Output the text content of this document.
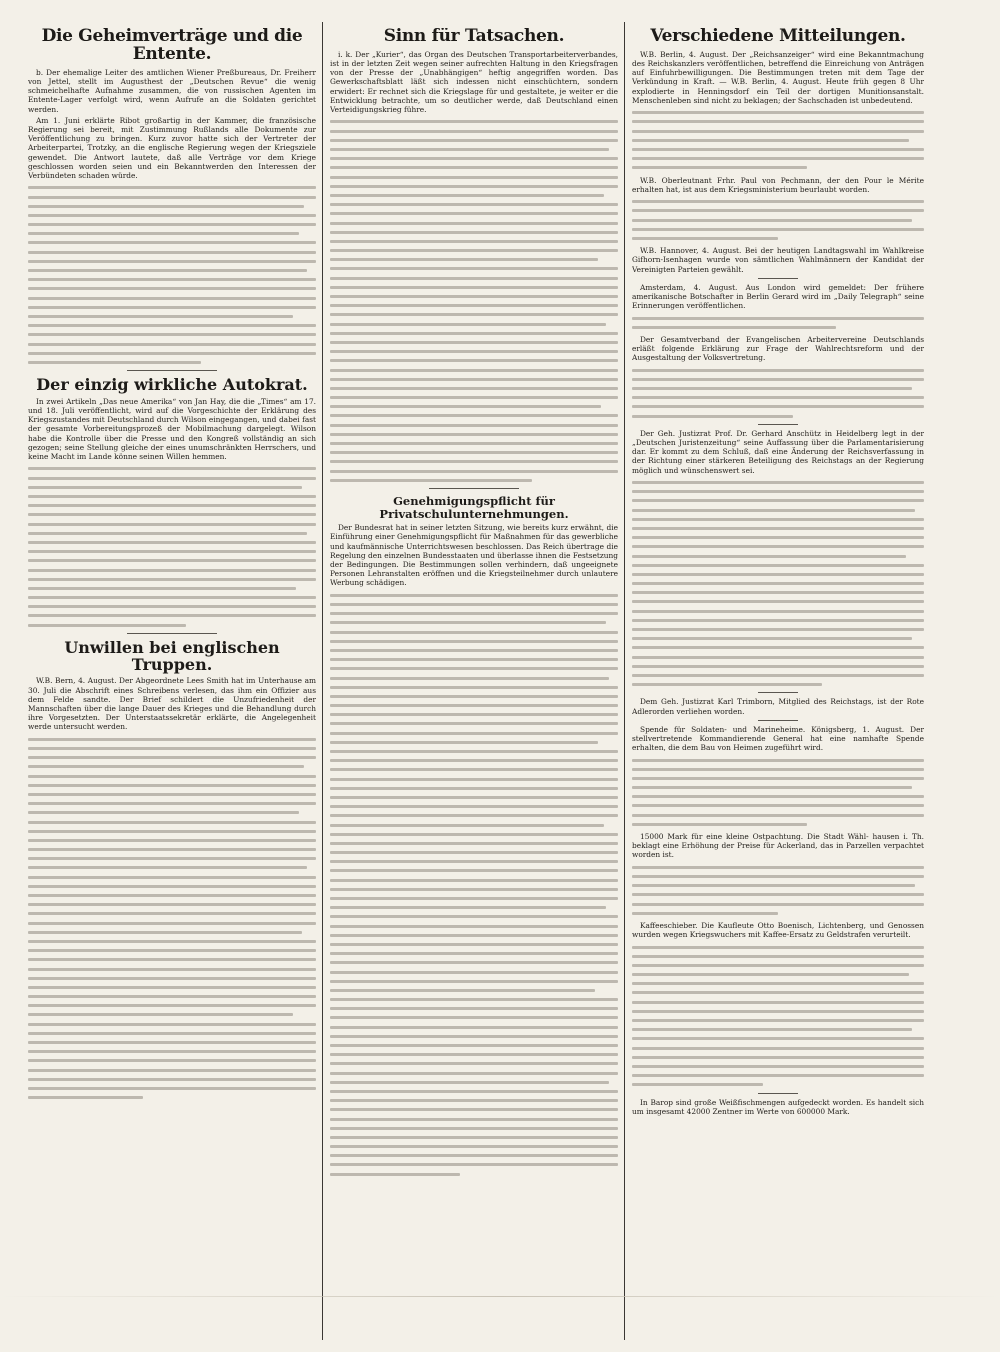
Die Geheimverträge und die Entente.

b. Der ehemalige Leiter des amtlichen Wiener Preßbureaus, Dr. Freiherr von Jettel, stellt im Augusthest der „Deutschen Revue“ die wenig schmeichelhafte Aufnahme zusammen, die von russischen Agenten im Entente-Lager verfolgt wird, wenn Aufrufe an die Soldaten gerichtet werden.

Am 1. Juni erklärte Ribot großartig in der Kammer, die französische Regierung sei bereit, mit Zustimmung Rußlands alle Dokumente zur Veröffentlichung zu bringen. Kurz zuvor hatte sich der Vertreter der Arbeiterpartei, Trotzky, an die englische Regierung wegen der Kriegsziele gewendet. Die Antwort lautete, daß alle Verträge vor dem Kriege geschlossen worden seien und ein Bekanntwerden den Interessen der Verbündeten schaden würde.

Der einzig wirkliche Autokrat.

In zwei Artikeln „Das neue Amerika“ von Jan Hay, die die „Times“ am 17. und 18. Juli veröffentlicht, wird auf die Vorgeschichte der Erklärung des Kriegszustandes mit Deutschland durch Wilson eingegangen, und dabei fast der gesamte Vorbereitungsprozeß der Mobilmachung dargelegt. Wilson habe die Kontrolle über die Presse und den Kongreß vollständig an sich gezogen; seine Stellung gleiche der eines unumschränkten Herrschers, und keine Macht im Lande könne seinen Willen hemmen.

Unwillen bei englischen Truppen.

W.B. Bern, 4. August. Der Abgeordnete Lees Smith hat im Unterhause am 30. Juli die Abschrift eines Schreibens verlesen, das ihm ein Offizier aus dem Felde sandte. Der Brief schildert die Unzufriedenheit der Mannschaften über die lange Dauer des Krieges und die Behandlung durch ihre Vorgesetzten. Der Unterstaatssekretär erklärte, die Angelegenheit werde untersucht werden.

Sinn für Tatsachen.

i. k. Der „Kurier“, das Organ des Deutschen Transportarbeiterverbandes, ist in der letzten Zeit wegen seiner aufrechten Haltung in den Kriegsfragen von der Presse der „Unabhängigen“ heftig angegriffen worden. Das Gewerkschaftsblatt läßt sich indessen nicht einschüchtern, sondern erwidert: Er rechnet sich die Kriegslage für und gestaltete, je weiter er die Entwicklung betrachte, um so deutlicher werde, daß Deutschland einen Verteidigungskrieg führe.

Genehmigungspflicht für Privatschulunternehmungen.

Der Bundesrat hat in seiner letzten Sitzung, wie bereits kurz erwähnt, die Einführung einer Genehmigungspflicht für Maßnahmen für das gewerbliche und kaufmännische Unterrichtswesen beschlossen. Das Reich übertrage die Regelung den einzelnen Bundesstaaten und überlasse ihnen die Festsetzung der Bedingungen. Die Bestimmungen sollen verhindern, daß ungeeignete Personen Lehranstalten eröffnen und die Kriegsteilnehmer durch unlautere Werbung schädigen.

Verschiedene Mitteilungen.

W.B. Berlin, 4. August. Der „Reichsanzeiger“ wird eine Bekanntmachung des Reichskanzlers veröffentlichen, betreffend die Einreichung von Anträgen auf Einfuhrbewilligungen. Die Bestimmungen treten mit dem Tage der Verkündung in Kraft. — W.B. Berlin, 4. August. Heute früh gegen 8 Uhr explodierte in Henningsdorf ein Teil der dortigen Munitionsanstalt. Menschenleben sind nicht zu beklagen; der Sachschaden ist unbedeutend.

W.B. Oberleutnant Frhr. Paul von Pechmann, der den Pour le Mérite erhalten hat, ist aus dem Kriegsministerium beurlaubt worden.

W.B. Hannover, 4. August. Bei der heutigen Landtagswahl im Wahlkreise Gifhorn-Isenhagen wurde von sämtlichen Wahlmännern der Kandidat der Vereinigten Parteien gewählt.

Amsterdam, 4. August. Aus London wird gemeldet: Der frühere amerikanische Botschafter in Berlin Gerard wird im „Daily Telegraph“ seine Erinnerungen veröffentlichen.

Der Gesamtverband der Evangelischen Arbeitervereine Deutschlands erläßt folgende Erklärung zur Frage der Wahlrechtsreform und der Ausgestaltung der Volksvertretung.

Der Geh. Justizrat Prof. Dr. Gerhard Anschütz in Heidelberg legt in der „Deutschen Juristenzeitung“ seine Auffassung über die Parlamentarisierung dar. Er kommt zu dem Schluß, daß eine Änderung der Reichsverfassung in der Richtung einer stärkeren Beteiligung des Reichstags an der Regierung möglich und wünschenswert sei.

Dem Geh. Justizrat Karl Trimborn, Mitglied des Reichstags, ist der Rote Adlerorden verliehen worden.

Spende für Soldaten- und Marineheime. Königsberg, 1. August. Der stellvertretende Kommandierende General hat eine namhafte Spende erhalten, die dem Bau von Heimen zugeführt wird.

15000 Mark für eine kleine Ostpachtung. Die Stadt Wähl- hausen i. Th. beklagt eine Erhöhung der Preise für Ackerland, das in Parzellen verpachtet worden ist.

Kaffeeschieber. Die Kaufleute Otto Boenisch, Lichtenberg, und Genossen wurden wegen Kriegswuchers mit Kaffee-Ersatz zu Geldstrafen verurteilt.

In Barop sind große Weißfischmengen aufgedeckt worden. Es handelt sich um insgesamt 42000 Zentner im Werte von 600000 Mark.
